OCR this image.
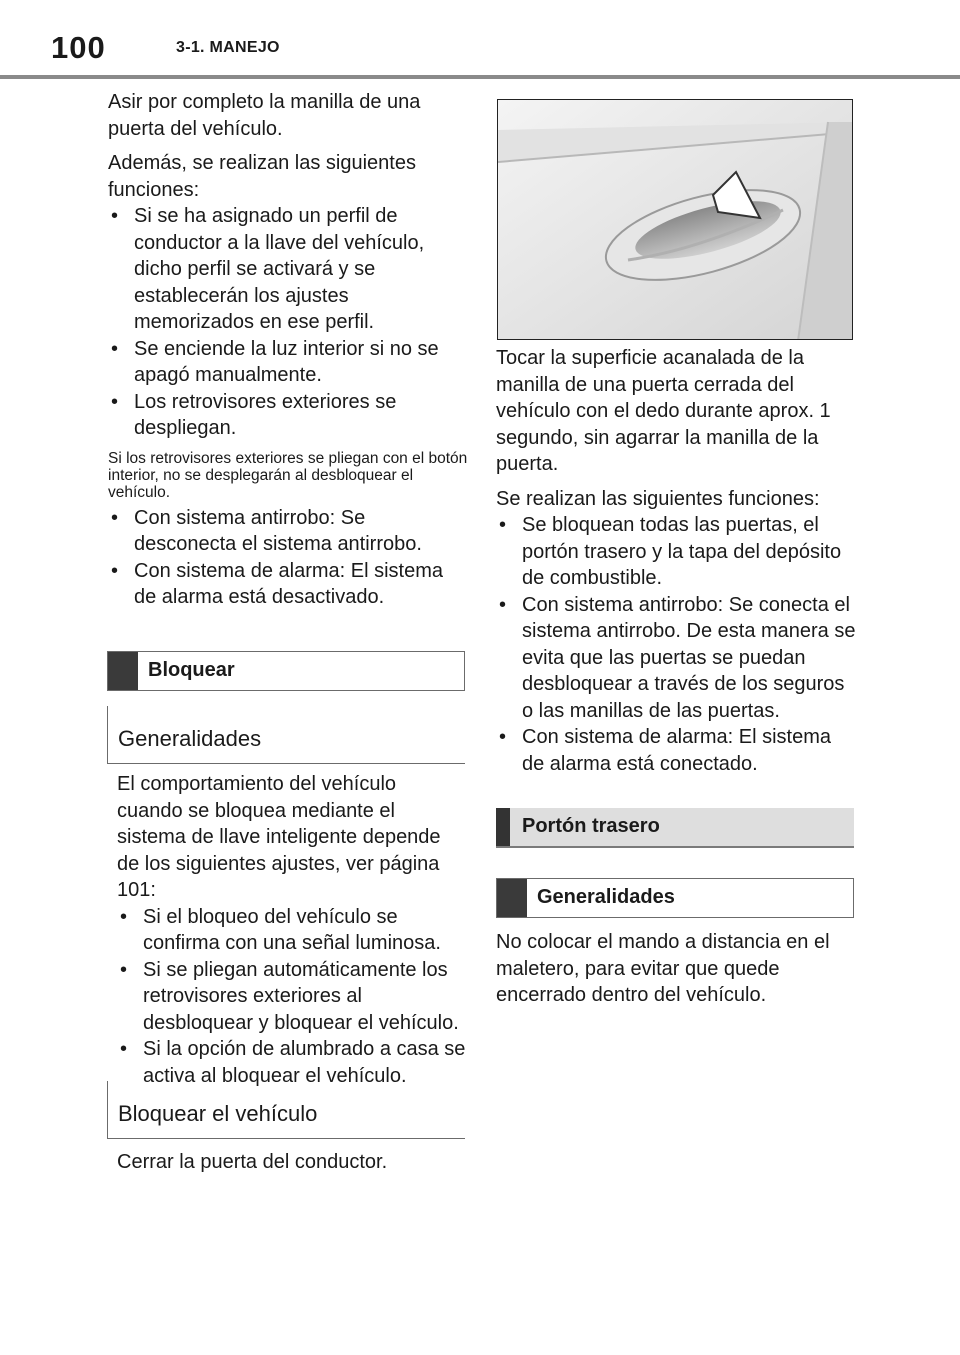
100	3-1. MANEJO

Asir por completo la manilla de una puerta del vehículo.

Además, se realizan las siguientes funciones:

• Si se ha asignado un perfil de conductor a la llave del vehículo, dicho perfil se activará y se establecerán los ajustes memorizados en ese perfil.
• Se enciende la luz interior si no se apagó manualmente.
• Los retrovisores exteriores se despliegan.

Si los retrovisores exteriores se pliegan con el botón interior, no se desplegarán al desbloquear el vehículo.

• Con sistema antirrobo: Se desconecta el sistema antirrobo.
• Con sistema de alarma: El sistema de alarma está desactivado.
Bloquear
Generalidades

El comportamiento del vehículo cuando se bloquea mediante el sistema de llave inteligente depende de los siguientes ajustes, ver página 101:

• Si el bloqueo del vehículo se confirma con una señal luminosa.
• Si se pliegan automáticamente los retrovisores exteriores al desbloquear y bloquear el vehículo.
• Si la opción de alumbrado a casa se activa al bloquear el vehículo.
Bloquear el vehículo

Cerrar la puerta del conductor.

Tocar la superficie acanalada de la manilla de una puerta cerrada del vehículo con el dedo durante aprox. 1 segundo, sin agarrar la manilla de la puerta.

Se realizan las siguientes funciones:

• Se bloquean todas las puertas, el portón trasero y la tapa del depósito de combustible.
• Con sistema antirrobo: Se conecta el sistema antirrobo. De esta manera se evita que las puertas se puedan desbloquear a través de los seguros o las manillas de las puertas.
• Con sistema de alarma: El sistema de alarma está conectado.
Portón trasero
Generalidades

No colocar el mando a distancia en el maletero, para evitar que quede encerrado dentro del vehículo.
